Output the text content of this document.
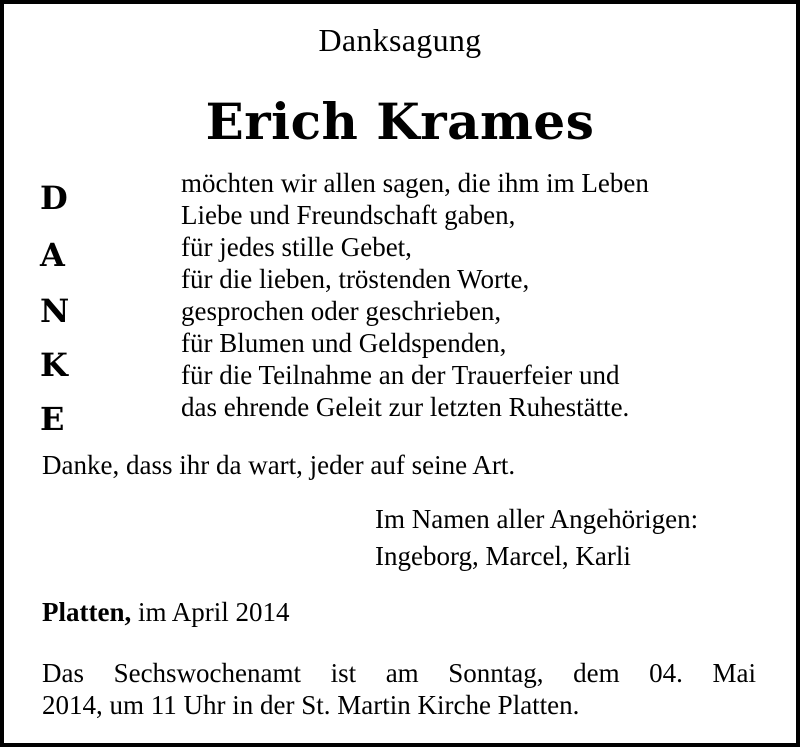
Danksagung
Erich Krames
D
A
N
K
E
möchten wir allen sagen, die ihm im Leben
Liebe und Freundschaft gaben,
für jedes stille Gebet,
für die lieben, tröstenden Worte,
gesprochen oder geschrieben,
für Blumen und Geldspenden,
für die Teilnahme an der Trauerfeier und
das ehrende Geleit zur letzten Ruhestätte.
Danke, dass ihr da wart, jeder auf seine Art.
Im Namen aller Angehörigen:
Ingeborg, Marcel, Karli
Platten, im April 2014
Das Sechswochenamt ist am Sonntag, dem 04. Mai
2014, um 11 Uhr in der St. Martin Kirche Platten.
